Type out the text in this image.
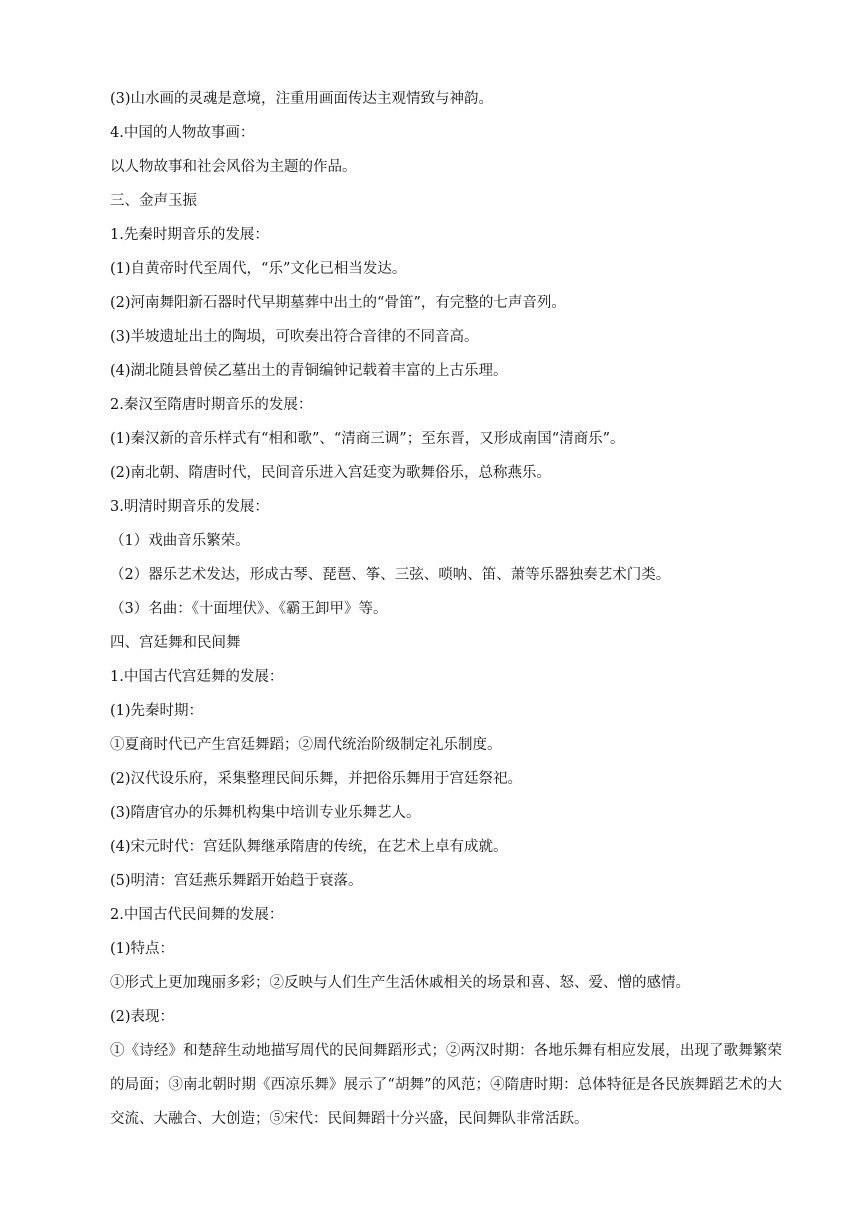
(3)山水画的灵魂是意境，注重用画面传达主观情致与神韵。
4.中国的人物故事画：
以人物故事和社会风俗为主题的作品。
三、金声玉振
1.先秦时期音乐的发展：
(1)自黄帝时代至周代，“乐”文化已相当发达。
(2)河南舞阳新石器时代早期墓葬中出土的“骨笛”，有完整的七声音列。
(3)半坡遗址出土的陶埙，可吹奏出符合音律的不同音高。
(4)湖北随县曾侯乙墓出土的青铜编钟记载着丰富的上古乐理。
2.秦汉至隋唐时期音乐的发展：
(1)秦汉新的音乐样式有“相和歌”、“清商三调”；至东晋，又形成南国“清商乐”。
(2)南北朝、隋唐时代，民间音乐进入宫廷变为歌舞俗乐，总称燕乐。
3.明清时期音乐的发展：
（1）戏曲音乐繁荣。
（2）器乐艺术发达，形成古琴、琵琶、筝、三弦、唢呐、笛、萧等乐器独奏艺术门类。
（3）名曲：《十面埋伏》、《霸王卸甲》等。
四、宫廷舞和民间舞
1.中国古代宫廷舞的发展：
(1)先秦时期：
①夏商时代已产生宫廷舞蹈；②周代统治阶级制定礼乐制度。
(2)汉代设乐府，采集整理民间乐舞，并把俗乐舞用于宫廷祭祀。
(3)隋唐官办的乐舞机构集中培训专业乐舞艺人。
(4)宋元时代：宫廷队舞继承隋唐的传统，在艺术上卓有成就。
(5)明清：宫廷燕乐舞蹈开始趋于衰落。
2.中国古代民间舞的发展：
(1)特点：
①形式上更加瑰丽多彩；②反映与人们生产生活休戚相关的场景和喜、怒、爱、憎的感情。
(2)表现：
①《诗经》和楚辞生动地描写周代的民间舞蹈形式；②两汉时期：各地乐舞有相应发展，出现了歌舞繁荣的局面；③南北朝时期《西凉乐舞》展示了“胡舞”的风范；④隋唐时期：总体特征是各民族舞蹈艺术的大交流、大融合、大创造；⑤宋代：民间舞蹈十分兴盛，民间舞队非常活跃。
